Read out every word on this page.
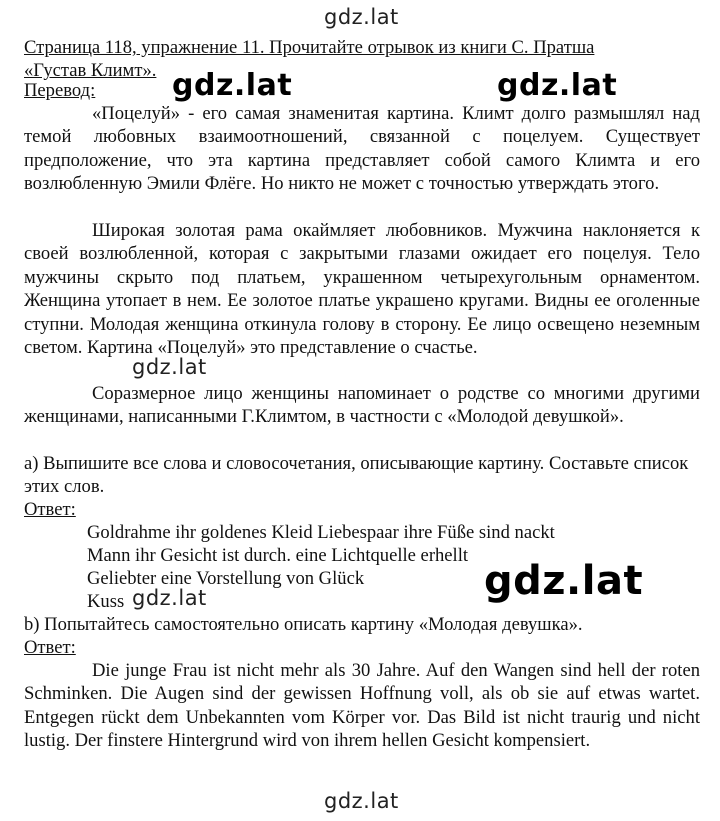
Страница 118, упражнение 11. Прочитайте отрывок из книги С. Пратша
«Густав Климт».
Перевод:
«Поцелуй» - его самая знаменитая картина. Климт долго размышлял над темой любовных взаимоотношений, связанной с поцелуем. Существует предположение, что эта картина представляет собой самого Климта и его возлюбленную Эмили Флёге. Но никто не может с точностью утверждать этого.
Широкая золотая рама окаймляет любовников. Мужчина наклоняется к своей возлюбленной, которая с закрытыми глазами ожидает его поцелуя. Тело мужчины скрыто под платьем, украшенном четырехугольным орнаментом. Женщина утопает в нем. Ее золотое платье украшено кругами. Видны ее оголенные ступни. Молодая женщина откинула голову в сторону. Ее лицо освещено неземным светом. Картина «Поцелуй» это представление о счастье.
Соразмерное лицо женщины напоминает о родстве со многими другими женщинами, написанными Г.Климтом, в частности с «Молодой девушкой».
а) Выпишите все слова и словосочетания, описывающие картину. Составьте список этих слов.
Ответ:
Goldrahme ihr goldenes Kleid Liebespaar ihre Füße sind nackt
Mann ihr Gesicht ist durch. eine Lichtquelle erhellt
Geliebter eine Vorstellung von Glück
Kuss
b) Попытайтесь самостоятельно описать картину «Молодая девушка».
Ответ:
Die junge Frau ist nicht mehr als 30 Jahre. Auf den Wangen sind hell der roten Schminken. Die Augen sind der gewissen Hoffnung voll, als ob sie auf etwas wartet. Entgegen rückt dem Unbekannten vom Körper vor. Das Bild ist nicht traurig und nicht lustig. Der finstere Hintergrund wird von ihrem hellen Gesicht kompensiert.
gdz.lat
gdz.lat	gdz.lat
gdz.lat
gdz.lat
gdz.lat
gdz.lat
